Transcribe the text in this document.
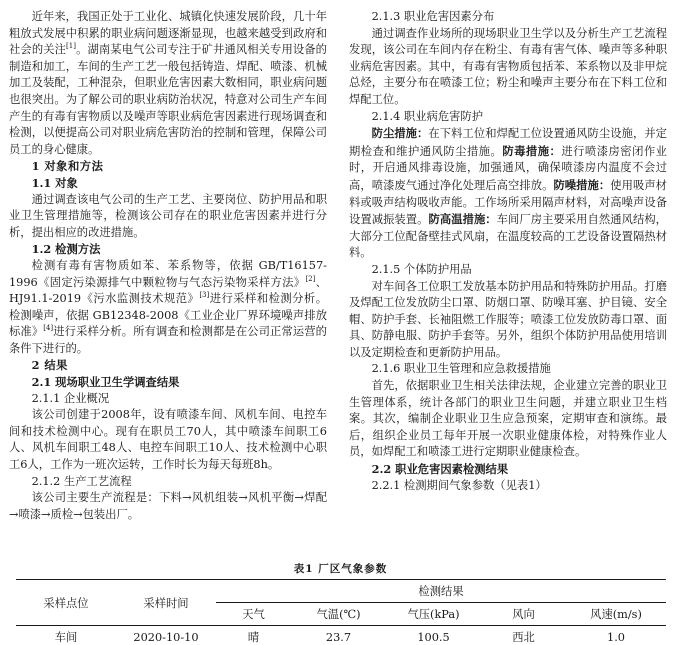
近年来，我国正处于工业化、城镇化快速发展阶段，几十年粗放式发展中积累的职业病问题逐渐显现，也越来越受到政府和社会的关注[1]。湖南某电气公司专注于矿井通风相关专用设备的制造和加工，车间的生产工艺一般包括铸造、焊配、喷漆、机械加工及装配，工种混杂，但职业危害因素大数相同，职业病问题也很突出。为了解公司的职业病防治状况，特意对公司生产车间产生的有毒有害物质以及噪声等职业病危害因素进行现场调查和检测，以便提高公司对职业病危害防治的控制和管理，保障公司员工的身心健康。

1 对象和方法

1.1 对象

通过调查该电气公司的生产工艺、主要岗位、防护用品和职业卫生管理措施等，检测该公司存在的职业危害因素并进行分析，提出相应的改进措施。

1.2 检测方法

检测有毒有害物质如苯、苯系物等，依据 GB/T16157-1996《固定污染源排气中颗粒物与气态污染物采样方法》[2]、HJ91.1-2019《污水监测技术规范》[3]进行采样和检测分析。检测噪声，依据 GB12348-2008《工业企业厂界环境噪声排放标准》[4]进行采样分析。所有调查和检测都是在公司正常运营的条件下进行的。

2 结果

2.1 现场职业卫生学调查结果

2.1.1 企业概况

该公司创建于2008年，设有喷漆车间、风机车间、电控车间和技术检测中心。现有在职员工70人，其中喷漆车间职工6人、风机车间职工48人、电控车间职工10人、技术检测中心职工6人，工作为一班次运转，工作时长为每天每班8h。

2.1.2 生产工艺流程

该公司主要生产流程是：下料→风机组装→风机平衡→焊配→喷漆→质检→包装出厂。

2.1.3 职业危害因素分布

通过调查作业场所的现场职业卫生学以及分析生产工艺流程发现，该公司在车间内存在粉尘、有毒有害气体、噪声等多种职业病危害因素。其中，有毒有害物质包括苯、苯系物以及非甲烷总烃，主要分布在喷漆工位；粉尘和噪声主要分布在下料工位和焊配工位。

2.1.4 职业病危害防护

防尘措施：在下料工位和焊配工位设置通风防尘设施，并定期检查和维护通风防尘措施。防毒措施：进行喷漆房密闭作业时，开启通风排毒设施，加强通风，确保喷漆房内温度不会过高，喷漆废气通过净化处理后高空排放。防噪措施：使用吸声材料或吸声结构吸收声能。工作场所采用隔声材料，对高噪声设备设置减振装置。防高温措施：车间厂房主要采用自然通风结构，大部分工位配备壁挂式风扇，在温度较高的工艺设备设置隔热材料。

2.1.5 个体防护用品

对车间各工位职工发放基本防护用品和特殊防护用品。打磨及焊配工位发放防尘口罩、防烟口罩、防噪耳塞、护目镜、安全帽、防护手套、长袖阻燃工作服等；喷漆工位发放防毒口罩、面具、防静电服、防护手套等。另外，组织个体防护用品使用培训以及定期检查和更新防护用品。

2.1.6 职业卫生管理和应急救援措施

首先，依据职业卫生相关法律法规，企业建立完善的职业卫生管理体系，统计各部门的职业卫生问题，并建立职业卫生档案。其次，编制企业职业卫生应急预案，定期审查和演练。最后，组织企业员工每年开展一次职业健康体检，对特殊作业人员，如焊配工和喷漆工进行定期职业健康检查。

2.2 职业危害因素检测结果

2.2.1 检测期间气象参数（见表1）

表1 厂区气象参数
采样点位	采样时间	检测结果				
		天气	气温(℃)	气压(kPa)	风向	风速(m/s)
车间	2020-10-10	晴	23.7	100.5	西北	1.0
